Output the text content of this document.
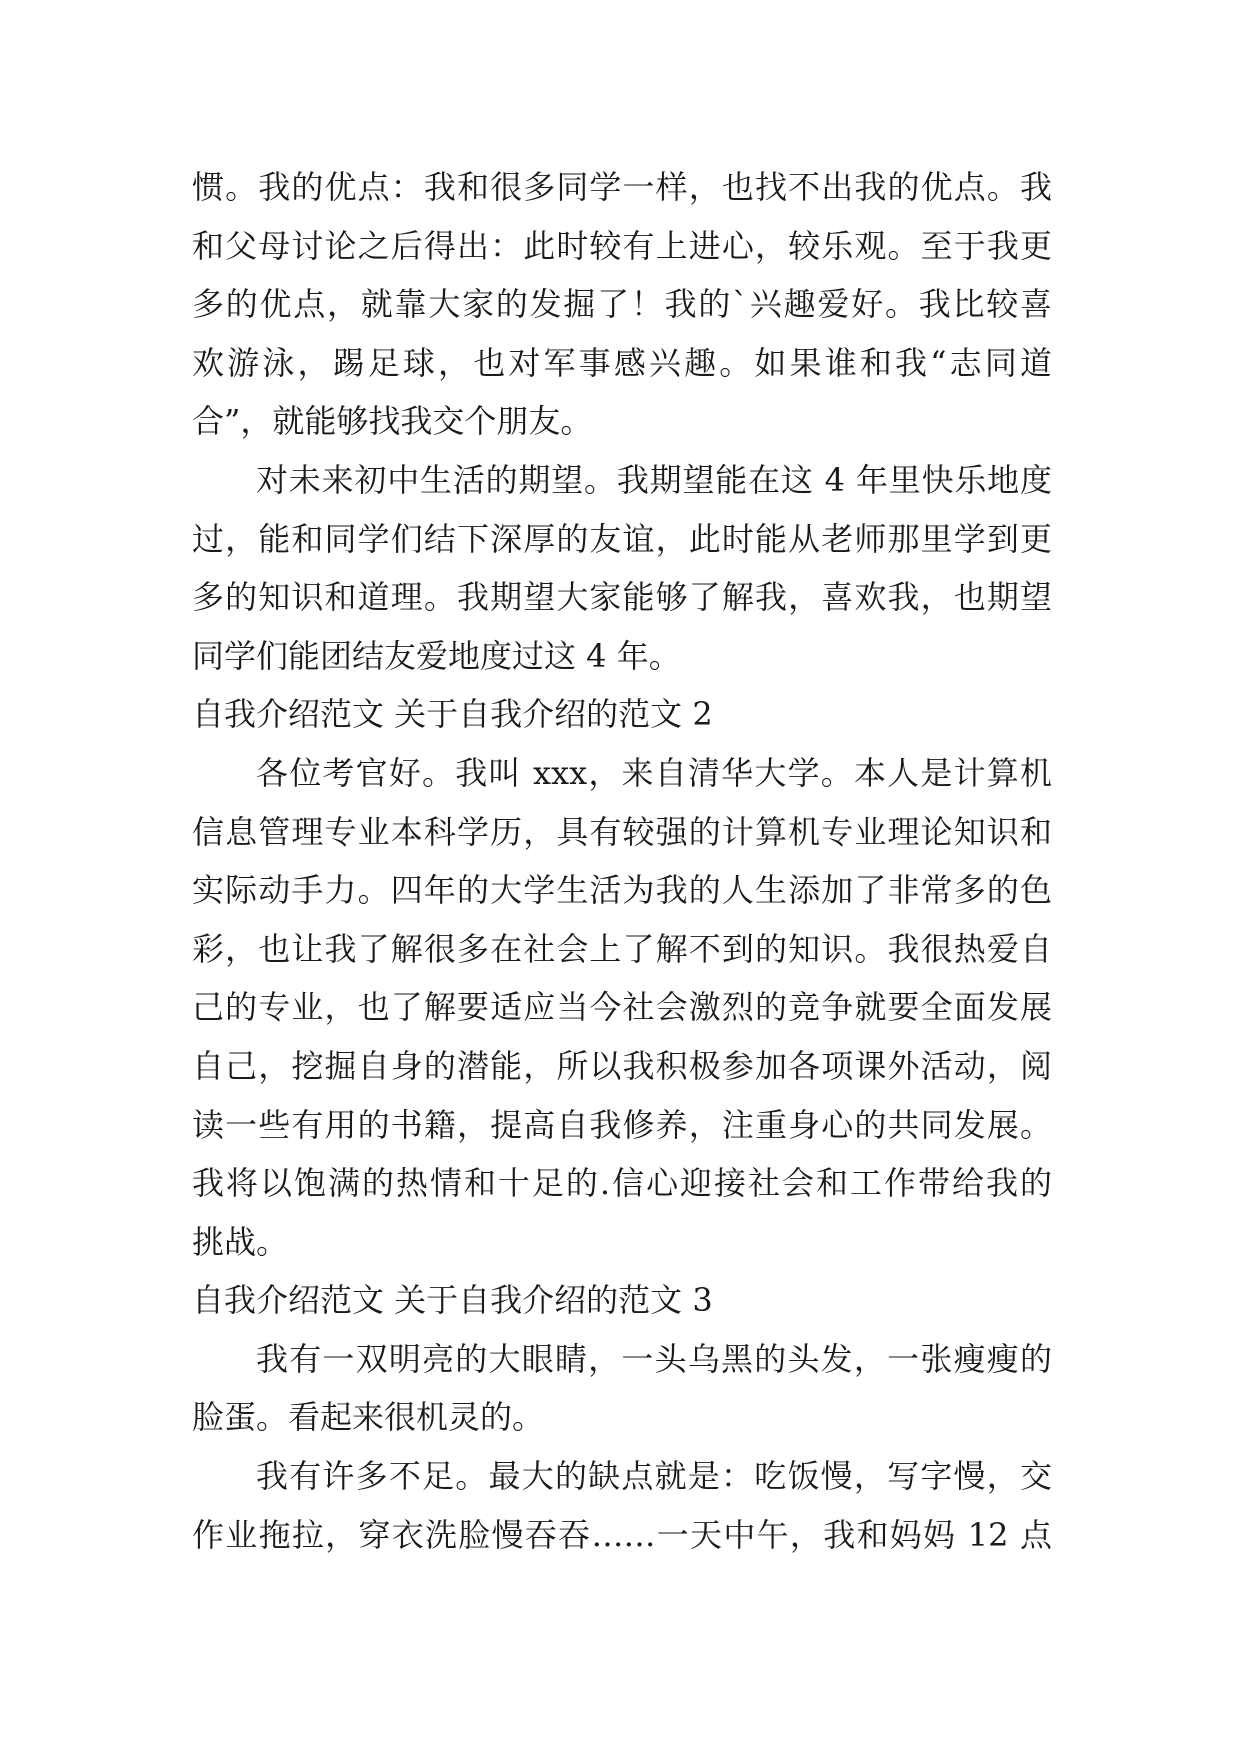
惯。我的优点：我和很多同学一样，也找不出我的优点。我
和父母讨论之后得出：此时较有上进心，较乐观。至于我更
多的优点，就靠大家的发掘了！我的`兴趣爱好。我比较喜
欢游泳，踢足球，也对军事感兴趣。如果谁和我“志同道
合”，就能够找我交个朋友。
对未来初中生活的期望。我期望能在这 4 年里快乐地度
过，能和同学们结下深厚的友谊，此时能从老师那里学到更
多的知识和道理。我期望大家能够了解我，喜欢我，也期望
同学们能团结友爱地度过这 4 年。
自我介绍范文 关于自我介绍的范文 2
各位考官好。我叫 xxx，来自清华大学。本人是计算机
信息管理专业本科学历，具有较强的计算机专业理论知识和
实际动手力。四年的大学生活为我的人生添加了非常多的色
彩，也让我了解很多在社会上了解不到的知识。我很热爱自
己的专业，也了解要适应当今社会激烈的竞争就要全面发展
自己，挖掘自身的潜能，所以我积极参加各项课外活动，阅
读一些有用的书籍，提高自我修养，注重身心的共同发展。
我将以饱满的热情和十足的.信心迎接社会和工作带给我的
挑战。
自我介绍范文 关于自我介绍的范文 3
我有一双明亮的大眼睛，一头乌黑的头发，一张瘦瘦的
脸蛋。看起来很机灵的。
我有许多不足。最大的缺点就是：吃饭慢，写字慢，交
作业拖拉，穿衣洗脸慢吞吞……一天中午，我和妈妈 12 点
